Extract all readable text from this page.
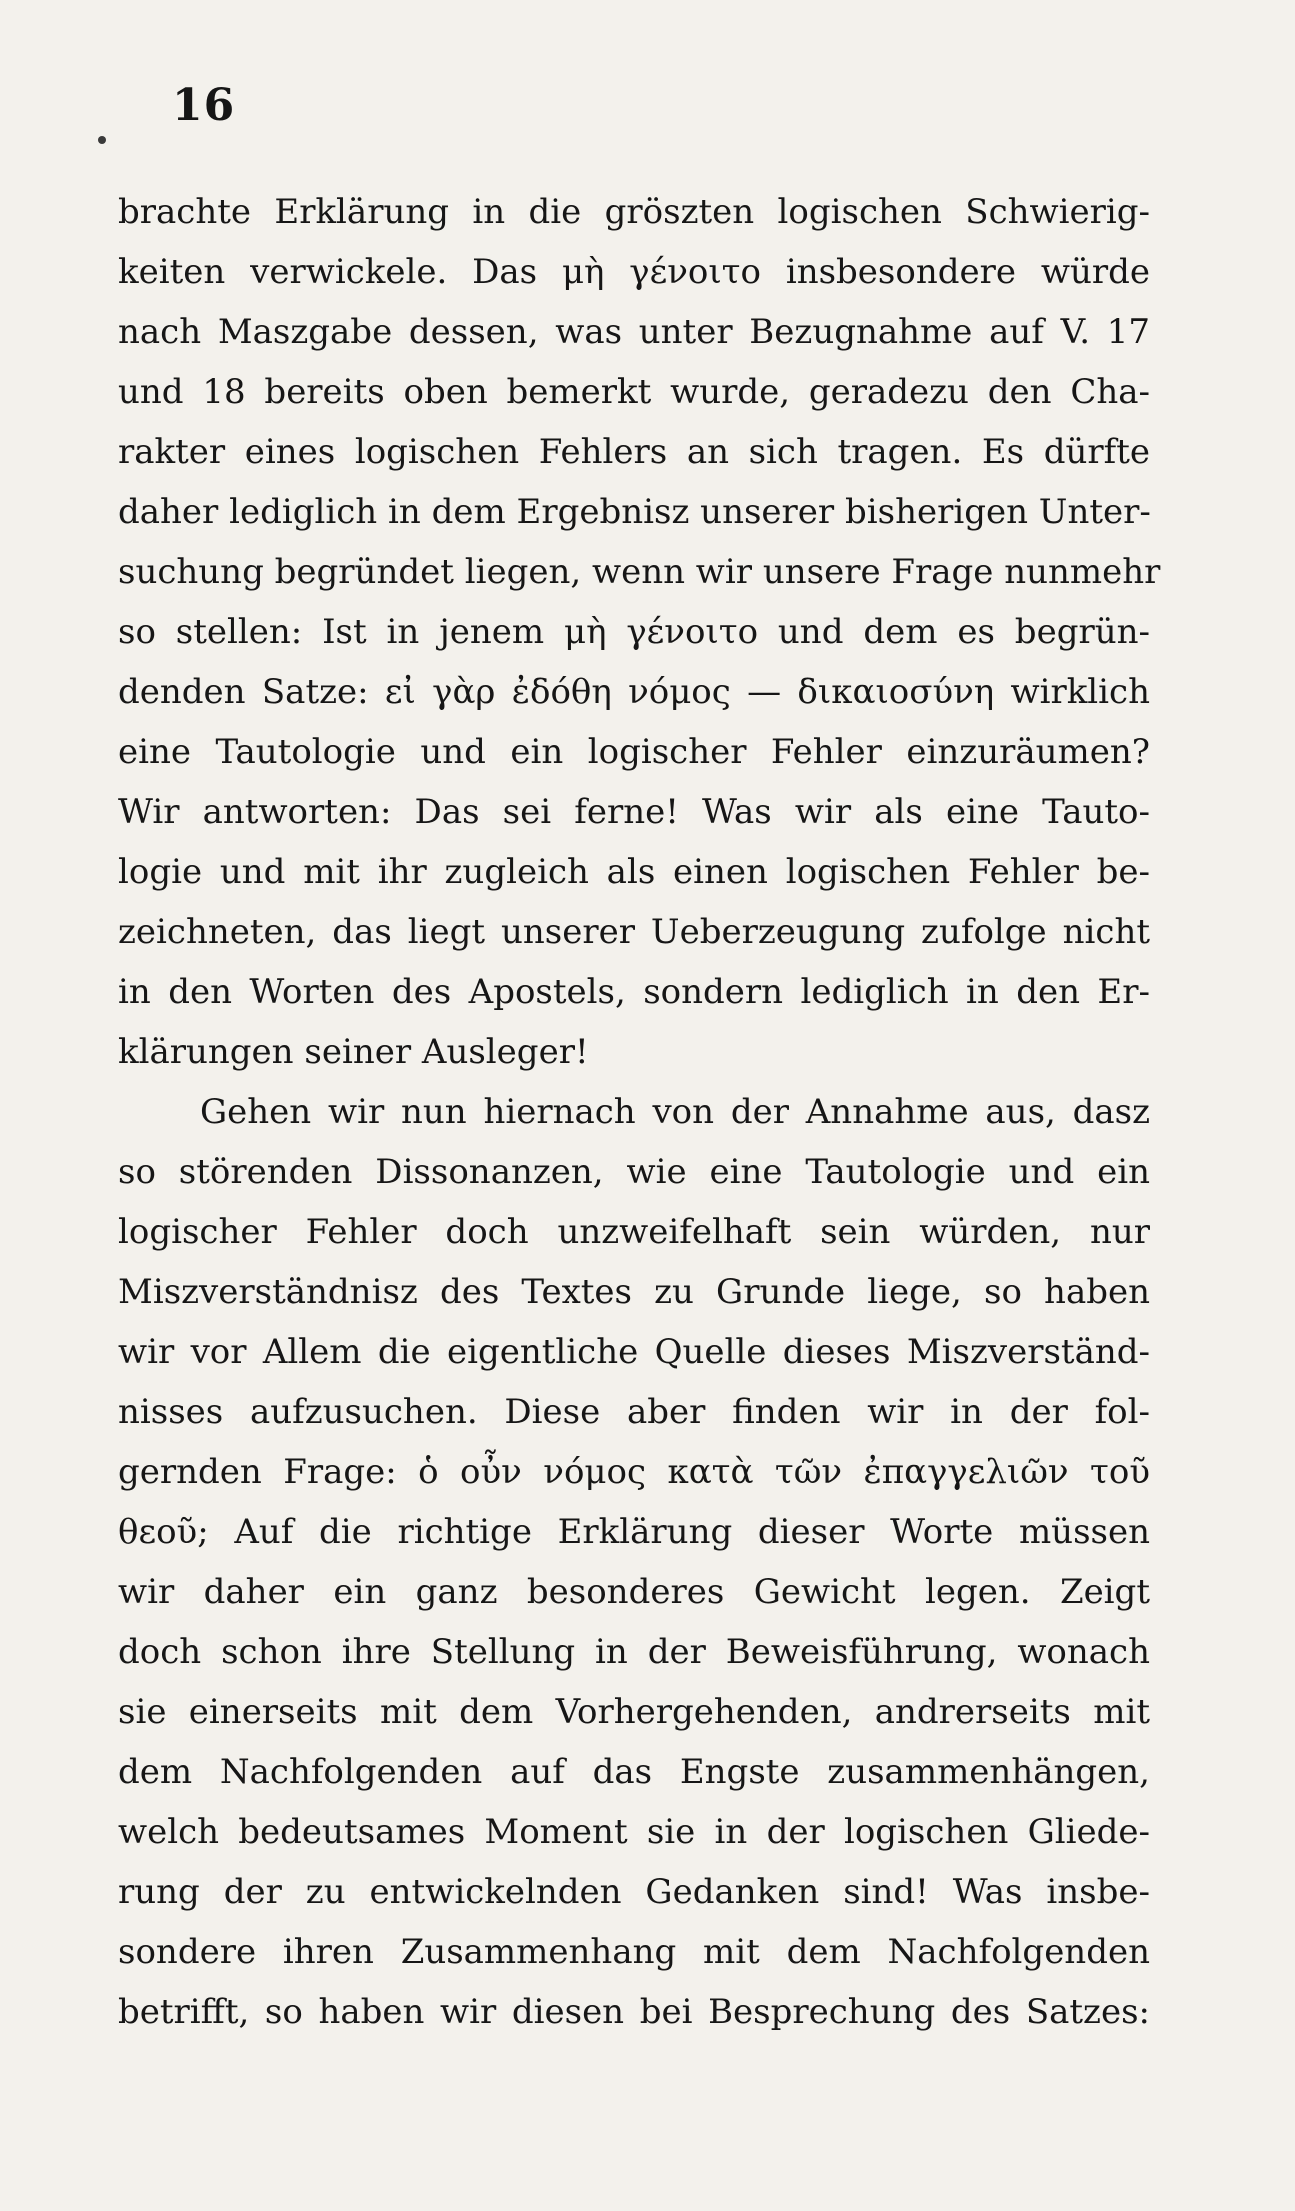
16
brachte Erklärung in die gröszten logischen Schwierig-
keiten verwickele. Das μὴ γένοιτο insbesondere würde
nach Maszgabe dessen, was unter Bezugnahme auf V. 17
und 18 bereits oben bemerkt wurde, geradezu den Cha-
rakter eines logischen Fehlers an sich tragen. Es dürfte
daher lediglich in dem Ergebnisz unserer bisherigen Unter-
suchung begründet liegen, wenn wir unsere Frage nunmehr
so stellen: Ist in jenem μὴ γένοιτο und dem es begrün-
denden Satze: εἰ γὰρ ἐδόθη νόμος — δικαιοσύνη wirklich
eine Tautologie und ein logischer Fehler einzuräumen?
Wir antworten: Das sei ferne! Was wir als eine Tauto-
logie und mit ihr zugleich als einen logischen Fehler be-
zeichneten, das liegt unserer Ueberzeugung zufolge nicht
in den Worten des Apostels, sondern lediglich in den Er-
klärungen seiner Ausleger!
Gehen wir nun hiernach von der Annahme aus, dasz
so störenden Dissonanzen, wie eine Tautologie und ein
logischer Fehler doch unzweifelhaft sein würden, nur
Miszverständnisz des Textes zu Grunde liege, so haben
wir vor Allem die eigentliche Quelle dieses Miszverständ-
nisses aufzusuchen. Diese aber finden wir in der fol-
gernden Frage: ὁ οὖν νόμος κατὰ τῶν ἐπαγγελιῶν τοῦ
θεοῦ; Auf die richtige Erklärung dieser Worte müssen
wir daher ein ganz besonderes Gewicht legen. Zeigt
doch schon ihre Stellung in der Beweisführung, wonach
sie einerseits mit dem Vorhergehenden, andrerseits mit
dem Nachfolgenden auf das Engste zusammenhängen,
welch bedeutsames Moment sie in der logischen Gliede-
rung der zu entwickelnden Gedanken sind! Was insbe-
sondere ihren Zusammenhang mit dem Nachfolgenden
betrifft, so haben wir diesen bei Besprechung des Satzes:
